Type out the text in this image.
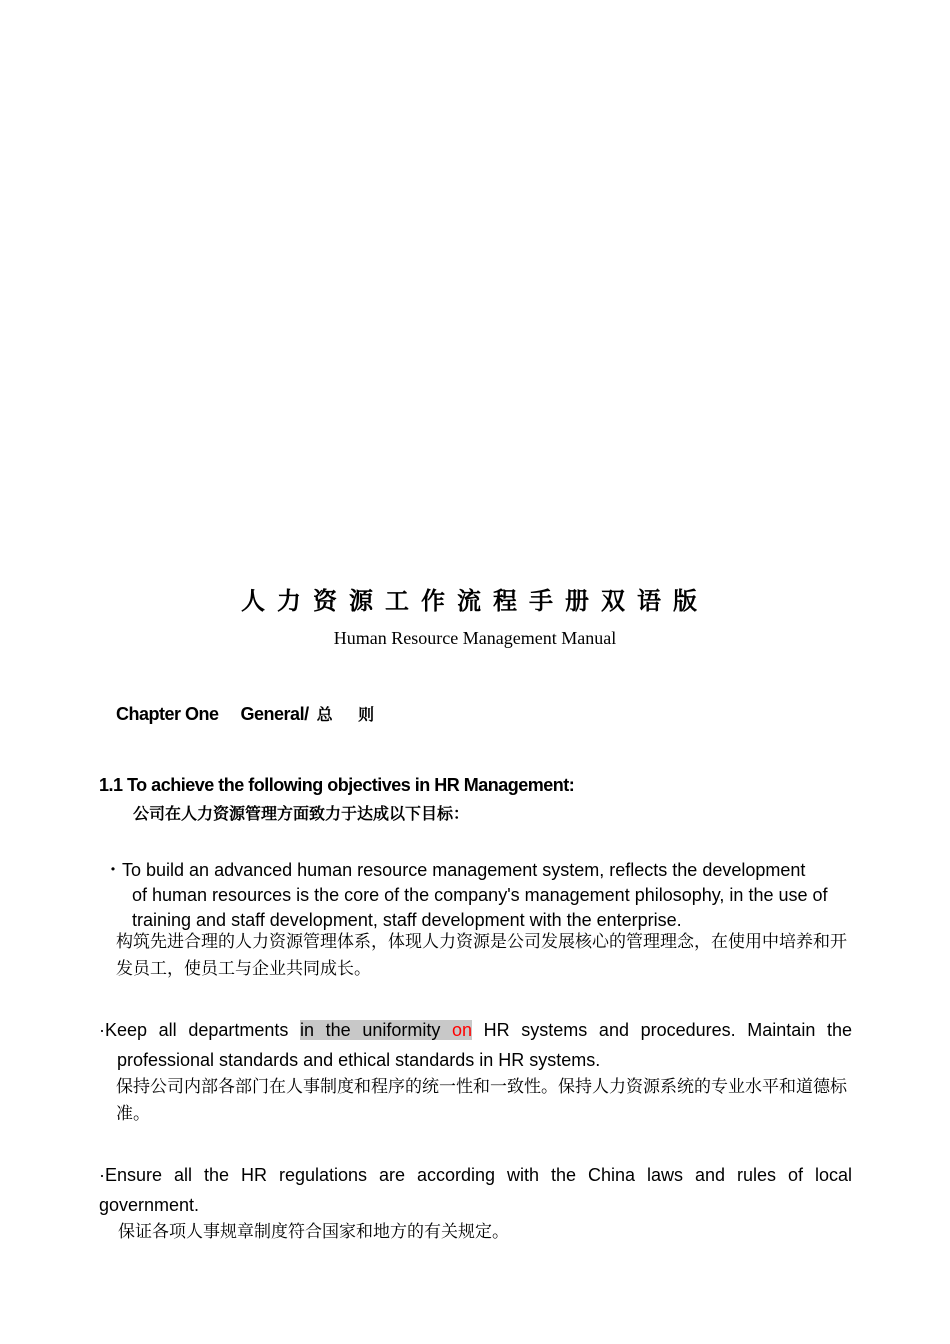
人力资源工作流程手册双语版
Human Resource Management Manual
Chapter One General/ 总 则
1.1 To achieve the following objectives in HR Management:
公司在人力资源管理方面致力于达成以下目标：
・To build an advanced human resource management system, reflects the development
of human resources is the core of the company's management philosophy, in the use of training and staff development, staff development with the enterprise.
构筑先进合理的人力资源管理体系，体现人力资源是公司发展核心的管理理念，在使用中培养和开发员工，使员工与企业共同成长。
·Keep all departments in the uniformity on HR systems and procedures. Maintain the
professional standards and ethical standards in HR systems.
保持公司内部各部门在人事制度和程序的统一性和一致性。保持人力资源系统的专业水平和道德标准。
·Ensure all the HR regulations are according with the China laws and rules of local
government.
保证各项人事规章制度符合国家和地方的有关规定。
